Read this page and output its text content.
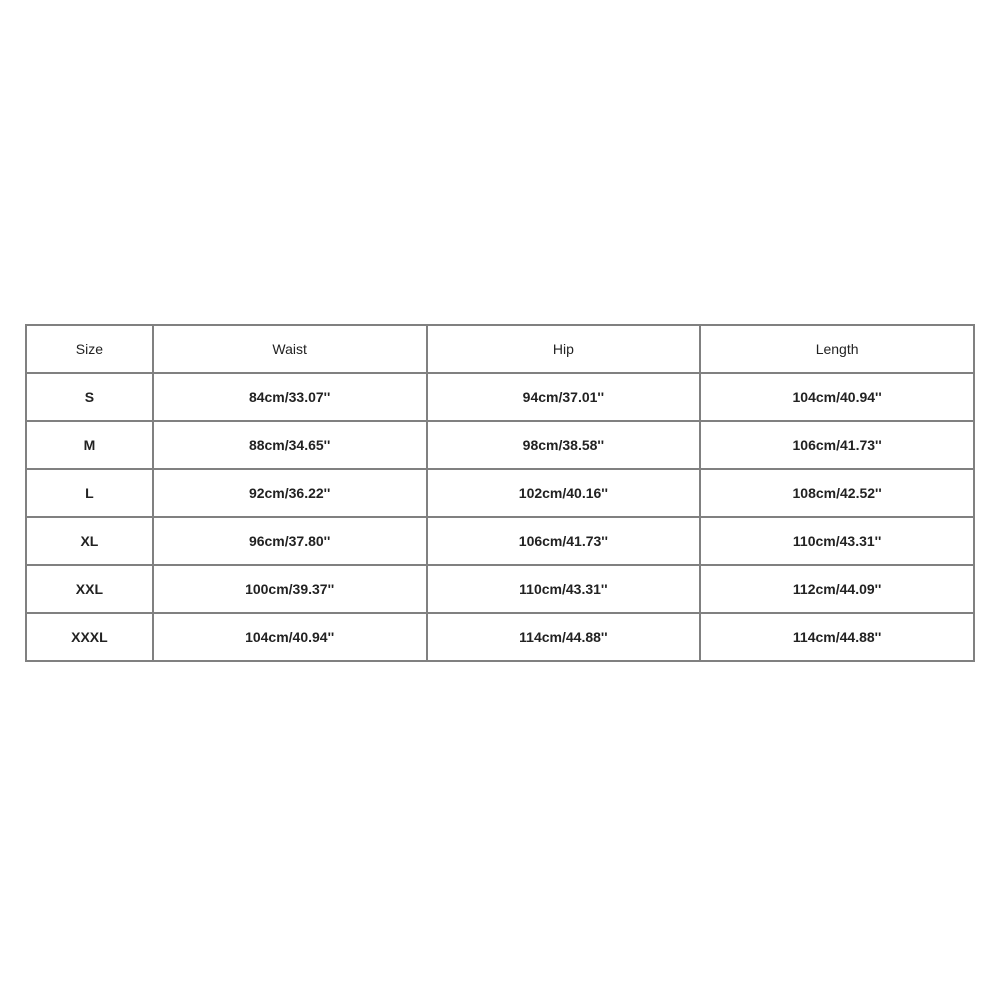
Size	Waist	Hip	Length
S	84cm/33.07''	94cm/37.01''	104cm/40.94''
M	88cm/34.65''	98cm/38.58''	106cm/41.73''
L	92cm/36.22''	102cm/40.16''	108cm/42.52''
XL	96cm/37.80''	106cm/41.73''	110cm/43.31''
XXL	100cm/39.37''	110cm/43.31''	112cm/44.09''
XXXL	104cm/40.94''	114cm/44.88''	114cm/44.88''
